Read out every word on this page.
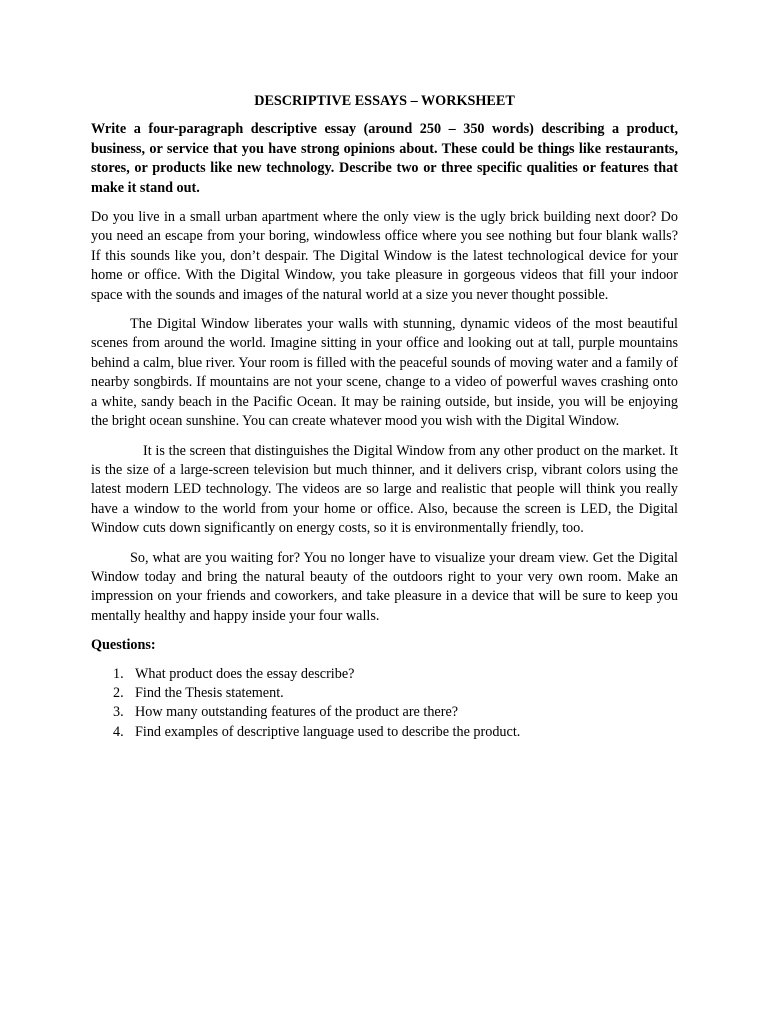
DESCRIPTIVE ESSAYS – WORKSHEET

Write a four-paragraph descriptive essay (around 250 – 350 words) describing a product, business, or service that you have strong opinions about. These could be things like restaurants, stores, or products like new technology. Describe two or three specific qualities or features that make it stand out.

Do you live in a small urban apartment where the only view is the ugly brick building next door? Do you need an escape from your boring, windowless office where you see nothing but four blank walls? If this sounds like you, don’t despair. The Digital Window is the latest technological device for your home or office. With the Digital Window, you take pleasure in gorgeous videos that fill your indoor space with the sounds and images of the natural world at a size you never thought possible.

The Digital Window liberates your walls with stunning, dynamic videos of the most beautiful scenes from around the world. Imagine sitting in your office and looking out at tall, purple mountains behind a calm, blue river. Your room is filled with the peaceful sounds of moving water and a family of nearby songbirds. If mountains are not your scene, change to a video of powerful waves crashing onto a white, sandy beach in the Pacific Ocean. It may be raining outside, but inside, you will be enjoying the bright ocean sunshine. You can create whatever mood you wish with the Digital Window.

It is the screen that distinguishes the Digital Window from any other product on the market. It is the size of a large-screen television but much thinner, and it delivers crisp, vibrant colors using the latest modern LED technology. The videos are so large and realistic that people will think you really have a window to the world from your home or office. Also, because the screen is LED, the Digital Window cuts down significantly on energy costs, so it is environmentally friendly, too.

So, what are you waiting for? You no longer have to visualize your dream view. Get the Digital Window today and bring the natural beauty of the outdoors right to your very own room. Make an impression on your friends and coworkers, and take pleasure in a device that will be sure to keep you mentally healthy and happy inside your four walls.

Questions:
1. What product does the essay describe?
2. Find the Thesis statement.
3. How many outstanding features of the product are there?
4. Find examples of descriptive language used to describe the product.
